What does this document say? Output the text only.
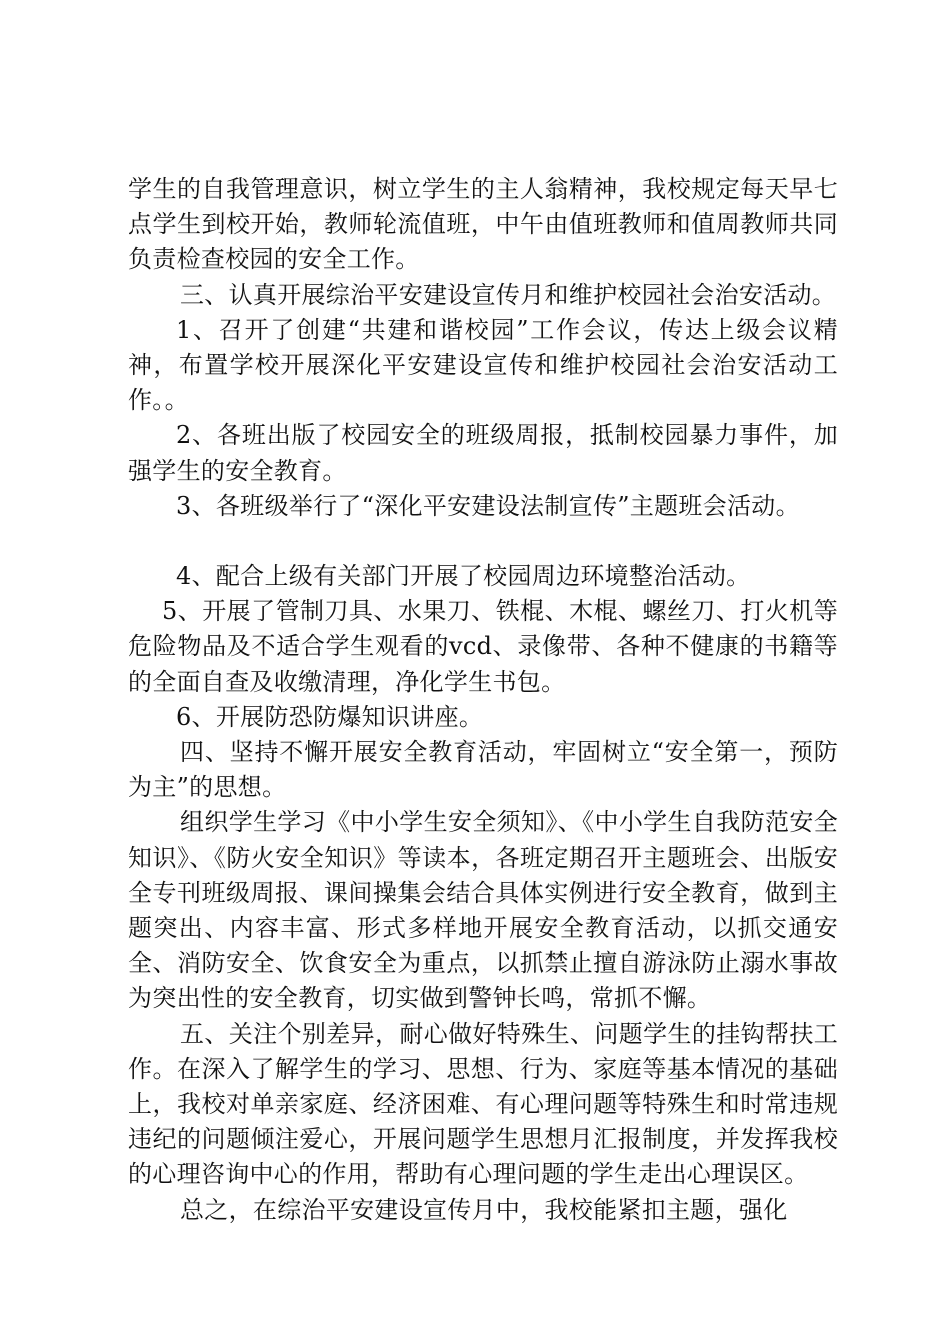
学生的自我管理意识，树立学生的主人翁精神，我校规定每天早七点学生到校开始，教师轮流值班，中午由值班教师和值周教师共同负责检查校园的安全工作。

三、认真开展综治平安建设宣传月和维护校园社会治安活动。

1、召开了创建“共建和谐校园”工作会议，传达上级会议精神，布置学校开展深化平安建设宣传和维护校园社会治安活动工作。。

2、各班出版了校园安全的班级周报，抵制校园暴力事件，加强学生的安全教育。

3、各班级举行了“深化平安建设法制宣传”主题班会活动。

4、配合上级有关部门开展了校园周边环境整治活动。

5、开展了管制刀具、水果刀、铁棍、木棍、螺丝刀、打火机等危险物品及不适合学生观看的vcd、录像带、各种不健康的书籍等的全面自查及收缴清理，净化学生书包。

6、开展防恐防爆知识讲座。

四、坚持不懈开展安全教育活动，牢固树立“安全第一，预防为主”的思想。

组织学生学习《中小学生安全须知》、《中小学生自我防范安全知识》、《防火安全知识》等读本，各班定期召开主题班会、出版安全专刊班级周报、课间操集会结合具体实例进行安全教育，做到主题突出、内容丰富、形式多样地开展安全教育活动，以抓交通安全、消防安全、饮食安全为重点，以抓禁止擅自游泳防止溺水事故为突出性的安全教育，切实做到警钟长鸣，常抓不懈。

五、关注个别差异，耐心做好特殊生、问题学生的挂钩帮扶工作。在深入了解学生的学习、思想、行为、家庭等基本情况的基础上，我校对单亲家庭、经济困难、有心理问题等特殊生和时常违规违纪的问题倾注爱心，开展问题学生思想月汇报制度，并发挥我校的心理咨询中心的作用，帮助有心理问题的学生走出心理误区。

总之，在综治平安建设宣传月中，我校能紧扣主题，强化
